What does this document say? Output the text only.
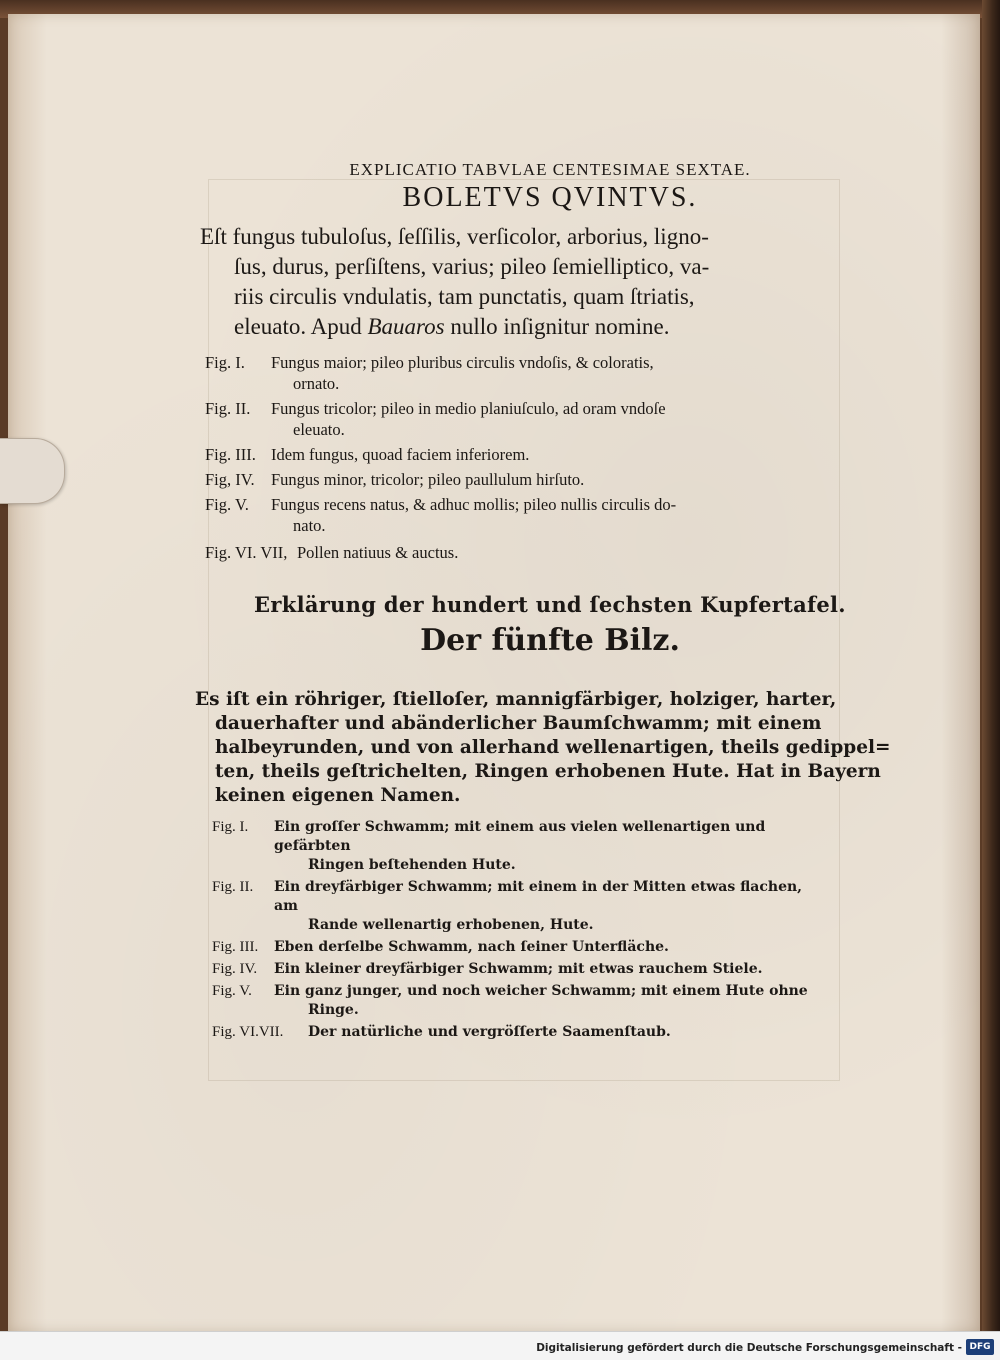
EXPLICATIO TABVLAE CENTESIMAE SEXTAE.
BOLETVS QVINTVS.
Eſt fungus tubuloſus, ſeſſilis, verſicolor, arborius, ligno-
ſus, durus, perſiſtens, varius; pileo ſemielliptico, va-
riis circulis vndulatis, tam punctatis, quam ſtriatis,
eleuato. Apud Bauaros nullo inſignitur nomine.
Fig. I.	Fungus maior; pileo pluribus circulis vndoſis, & coloratis,
ornato.
Fig. II.	Fungus tricolor; pileo in medio planiuſculo, ad oram vndoſe
eleuato.
Fig. III. Idem fungus, quoad faciem inferiorem.
Fig, IV. Fungus minor, tricolor; pileo paullulum hirſuto.
Fig. V.	Fungus recens natus, & adhuc mollis; pileo nullis circulis do-
nato.
Fig. VI. VII, Pollen natiuus & auctus.
Erklärung der hundert und ſechsten Kupfertafel.
Der fünfte Bilz.
Es iſt ein röhriger, ſtielloſer, mannigfärbiger, holziger, harter,
dauerhafter und abänderlicher Baumſchwamm; mit einem
halbeyrunden, und von allerhand wellenartigen, theils gedippel=
ten, theils geſtrichelten, Ringen erhobenen Hute. Hat in Bayern
keinen eigenen Namen.
Fig. I.	Ein groſſer Schwamm; mit einem aus vielen wellenartigen und gefärbten
Ringen beſtehenden Hute.
Fig. II.	Ein dreyfärbiger Schwamm; mit einem in der Mitten etwas flachen, am
Rande wellenartig erhobenen, Hute.
Fig. III.	Eben derſelbe Schwamm, nach ſeiner Unterfläche.
Fig. IV.	Ein kleiner dreyfärbiger Schwamm; mit etwas rauchem Stiele.
Fig. V.	Ein ganz junger, und noch weicher Schwamm; mit einem Hute ohne
Ringe.
Fig. VI.VII.	Der natürliche und vergröſſerte Saamenſtaub.
Digitalisierung gefördert durch die Deutsche Forschungsgemeinschaft - DFG
